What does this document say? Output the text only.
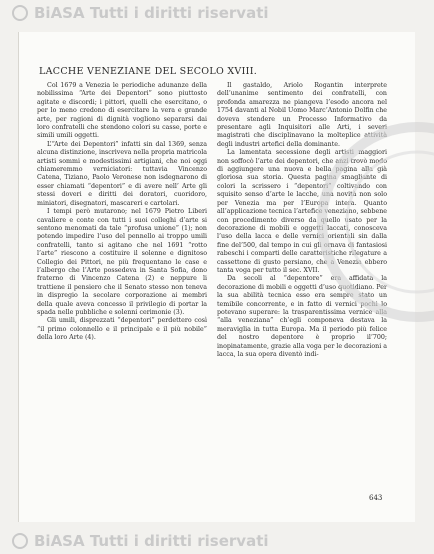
BiASA Tutti i diritti riservati
LACCHE VENEZIANE DEL SECOLO XVIII.

Col 1679 a Venezia le periodiche adunanze della nobilissima “Arte dei Depentori” sono piuttosto agitate e discordi; i pittori, quelli che esercitano, o per lo meno credono di esercitare la vera e grande arte, per ragioni di dignità vogliono separarsi dai loro confratelli che stendono colori su casse, porte e simili umili oggetti.

L’“Arte dei Depentori” infatti sin dal 1369, senza alcuna distinzione, inscriveva nella propria matricola artisti sommi e modestissimi artigiani, che noi oggi chiameremmo verniciatori: tuttavia Vincenzo Catena, Tiziano, Paolo Veronese non isdegnarono di esser chiamati “depentori” e di avere nell’ Arte gli stessi doveri e diritti dei doratori, cuoridoro, miniatori, disegnatori, mascareri e cartolari.

I tempi però mutarono; nel 1679 Pietro Liberi cavaliere e conte con tutti i suoi colleghi d’arte si sentono menomati da tale “profusa unione” (1); non potendo impedire l’uso del pennello ai troppo umili confratelli, tanto si agitano che nel 1691 “rotto l’arte” riescono a costituire il solenne e dignitoso Collegio dei Pittori, ne più frequentano le case e l’albergo che l’Arte possedeva in Santa Sofia, dono fraterno di Vincenzo Catena (2) e neppure li trattiene il pensiero che il Senato stesso non teneva in dispregio la secolare corporazione ai membri della quale aveva concesso il privilegio di portar la spada nelle pubbliche e solenni cerimonie (3).

Gli umili, disprezzati “depentori” perdettero così “il primo colonnello e il principale e il più nobile” della loro Arte (4).

Il gastaldo, Ariolo Rogantin interprete dell’unanime sentimento dei confratelli, con profonda amarezza ne piangeva l’esodo ancora nel 1754 davanti al Nobil Uomo Marc’Antonio Dolfin che doveva stendere un Processo Informativo da presentare agli Inquisitori alle Arti, i severi magistrati che disciplinavano la molteplice attività degli industri artefici della dominante.

La lamentata secessione degli artisti maggiori non soffocò l’arte dei depentori, che anzi trovò modo di aggiungere una nuova e bella pagina alla già gloriosa sua storia. Questa pagina smagliante di colori la scrissero i “depentori” coltivando con squisito senso d’arte le lacche, una novità non solo per Venezia ma per l’Europa intera. Quanto all’applicazione tecnica l’artefice veneziano, sebbene con procedimento diverso da quello usato per la decorazione di mobili e oggetti laccati, conosceva l’uso della lacca e delle vernici orientali sin dalla fine del’500, dal tempo in cui gli ornava di fantasiosi rabeschi i comparti delle caratteristiche rilegature a cassettone di gusto persiano, che a Venezia ebbero tanta voga per tutto il sec. XVII.

Da secoli al “depentore” era affidata la decorazione di mobili e oggetti d’uso quotidiano. Per la sua abilità tecnica esso era sempre stato un temibile concorrente, e in fatto di vernici pochi lo potevano superare: la trasparentissima vernice alla “alla veneziana” ch’egli componeva destava la meraviglia in tutta Europa. Ma il periodo più felice del nostro depentore è proprio il’700; inopinatamente, grazie alla voga per le decorazioni a lacca, la sua opera diventò indi-

643
BiASA Tutti i diritti riservati
